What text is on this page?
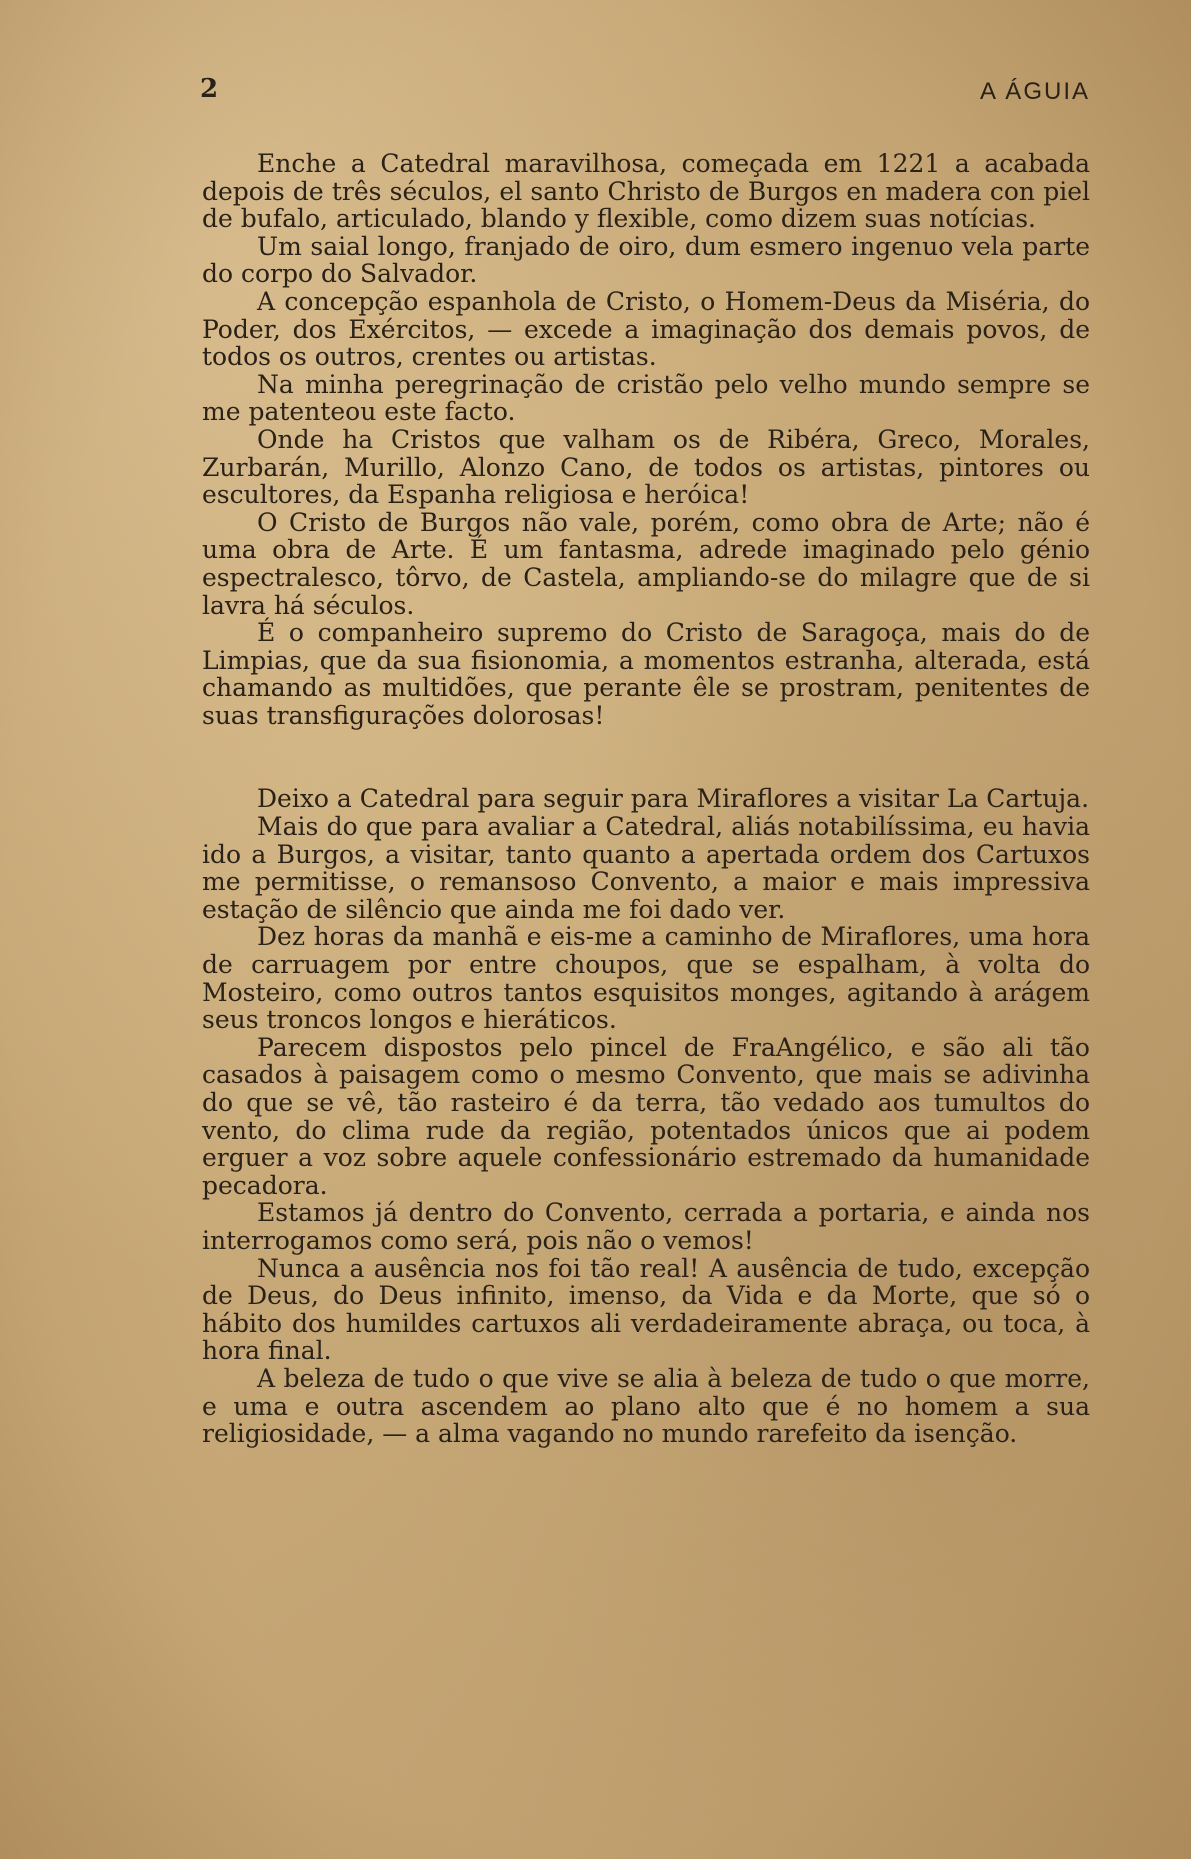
2	A ÁGUIA

Enche a Catedral maravilhosa, começada em 1221 a acabada depois de três séculos, el santo Christo de Burgos en madera con piel de bufalo, articulado, blando y flexible, como dizem suas notícias.

Um saial longo, franjado de oiro, dum esmero ingenuo vela parte do corpo do Salvador.

A concepção espanhola de Cristo, o Homem-Deus da Miséria, do Poder, dos Exércitos, — excede a imaginação dos demais povos, de todos os outros, crentes ou artistas.

Na minha peregrinação de cristão pelo velho mundo sempre se me patenteou este facto.

Onde ha Cristos que valham os de Ribéra, Greco, Morales, Zurbarán, Murillo, Alonzo Cano, de todos os artistas, pintores ou escultores, da Espanha religiosa e heróica!

O Cristo de Burgos não vale, porém, como obra de Arte; não é uma obra de Arte. É um fantasma, adrede imaginado pelo génio espectralesco, tôrvo, de Castela, ampliando-se do milagre que de si lavra há séculos.

É o companheiro supremo do Cristo de Saragoça, mais do de Limpias, que da sua fisionomia, a momentos estranha, alterada, está chamando as multidões, que perante êle se prostram, penitentes de suas transfigurações dolorosas!

Deixo a Catedral para seguir para Miraflores a visitar La Cartuja.

Mais do que para avaliar a Catedral, aliás notabilíssima, eu havia ido a Burgos, a visitar, tanto quanto a apertada ordem dos Cartuxos me permitisse, o remansoso Convento, a maior e mais impressiva estação de silêncio que ainda me foi dado ver.

Dez horas da manhã e eis-me a caminho de Miraflores, uma hora de carruagem por entre choupos, que se espalham, à volta do Mosteiro, como outros tantos esquisitos monges, agitando à arágem seus troncos longos e hieráticos.

Parecem dispostos pelo pincel de FraAngélico, e são ali tão casados à paisagem como o mesmo Convento, que mais se adivinha do que se vê, tão rasteiro é da terra, tão vedado aos tumultos do vento, do clima rude da região, potentados únicos que ai podem erguer a voz sobre aquele confessionário estremado da humanidade pecadora.

Estamos já dentro do Convento, cerrada a portaria, e ainda nos interrogamos como será, pois não o vemos!

Nunca a ausência nos foi tão real! A ausência de tudo, excepção de Deus, do Deus infinito, imenso, da Vida e da Morte, que só o hábito dos humildes cartuxos ali verdadeiramente abraça, ou toca, à hora final.

A beleza de tudo o que vive se alia à beleza de tudo o que morre, e uma e outra ascendem ao plano alto que é no homem a sua religiosidade, — a alma vagando no mundo rarefeito da isenção.
